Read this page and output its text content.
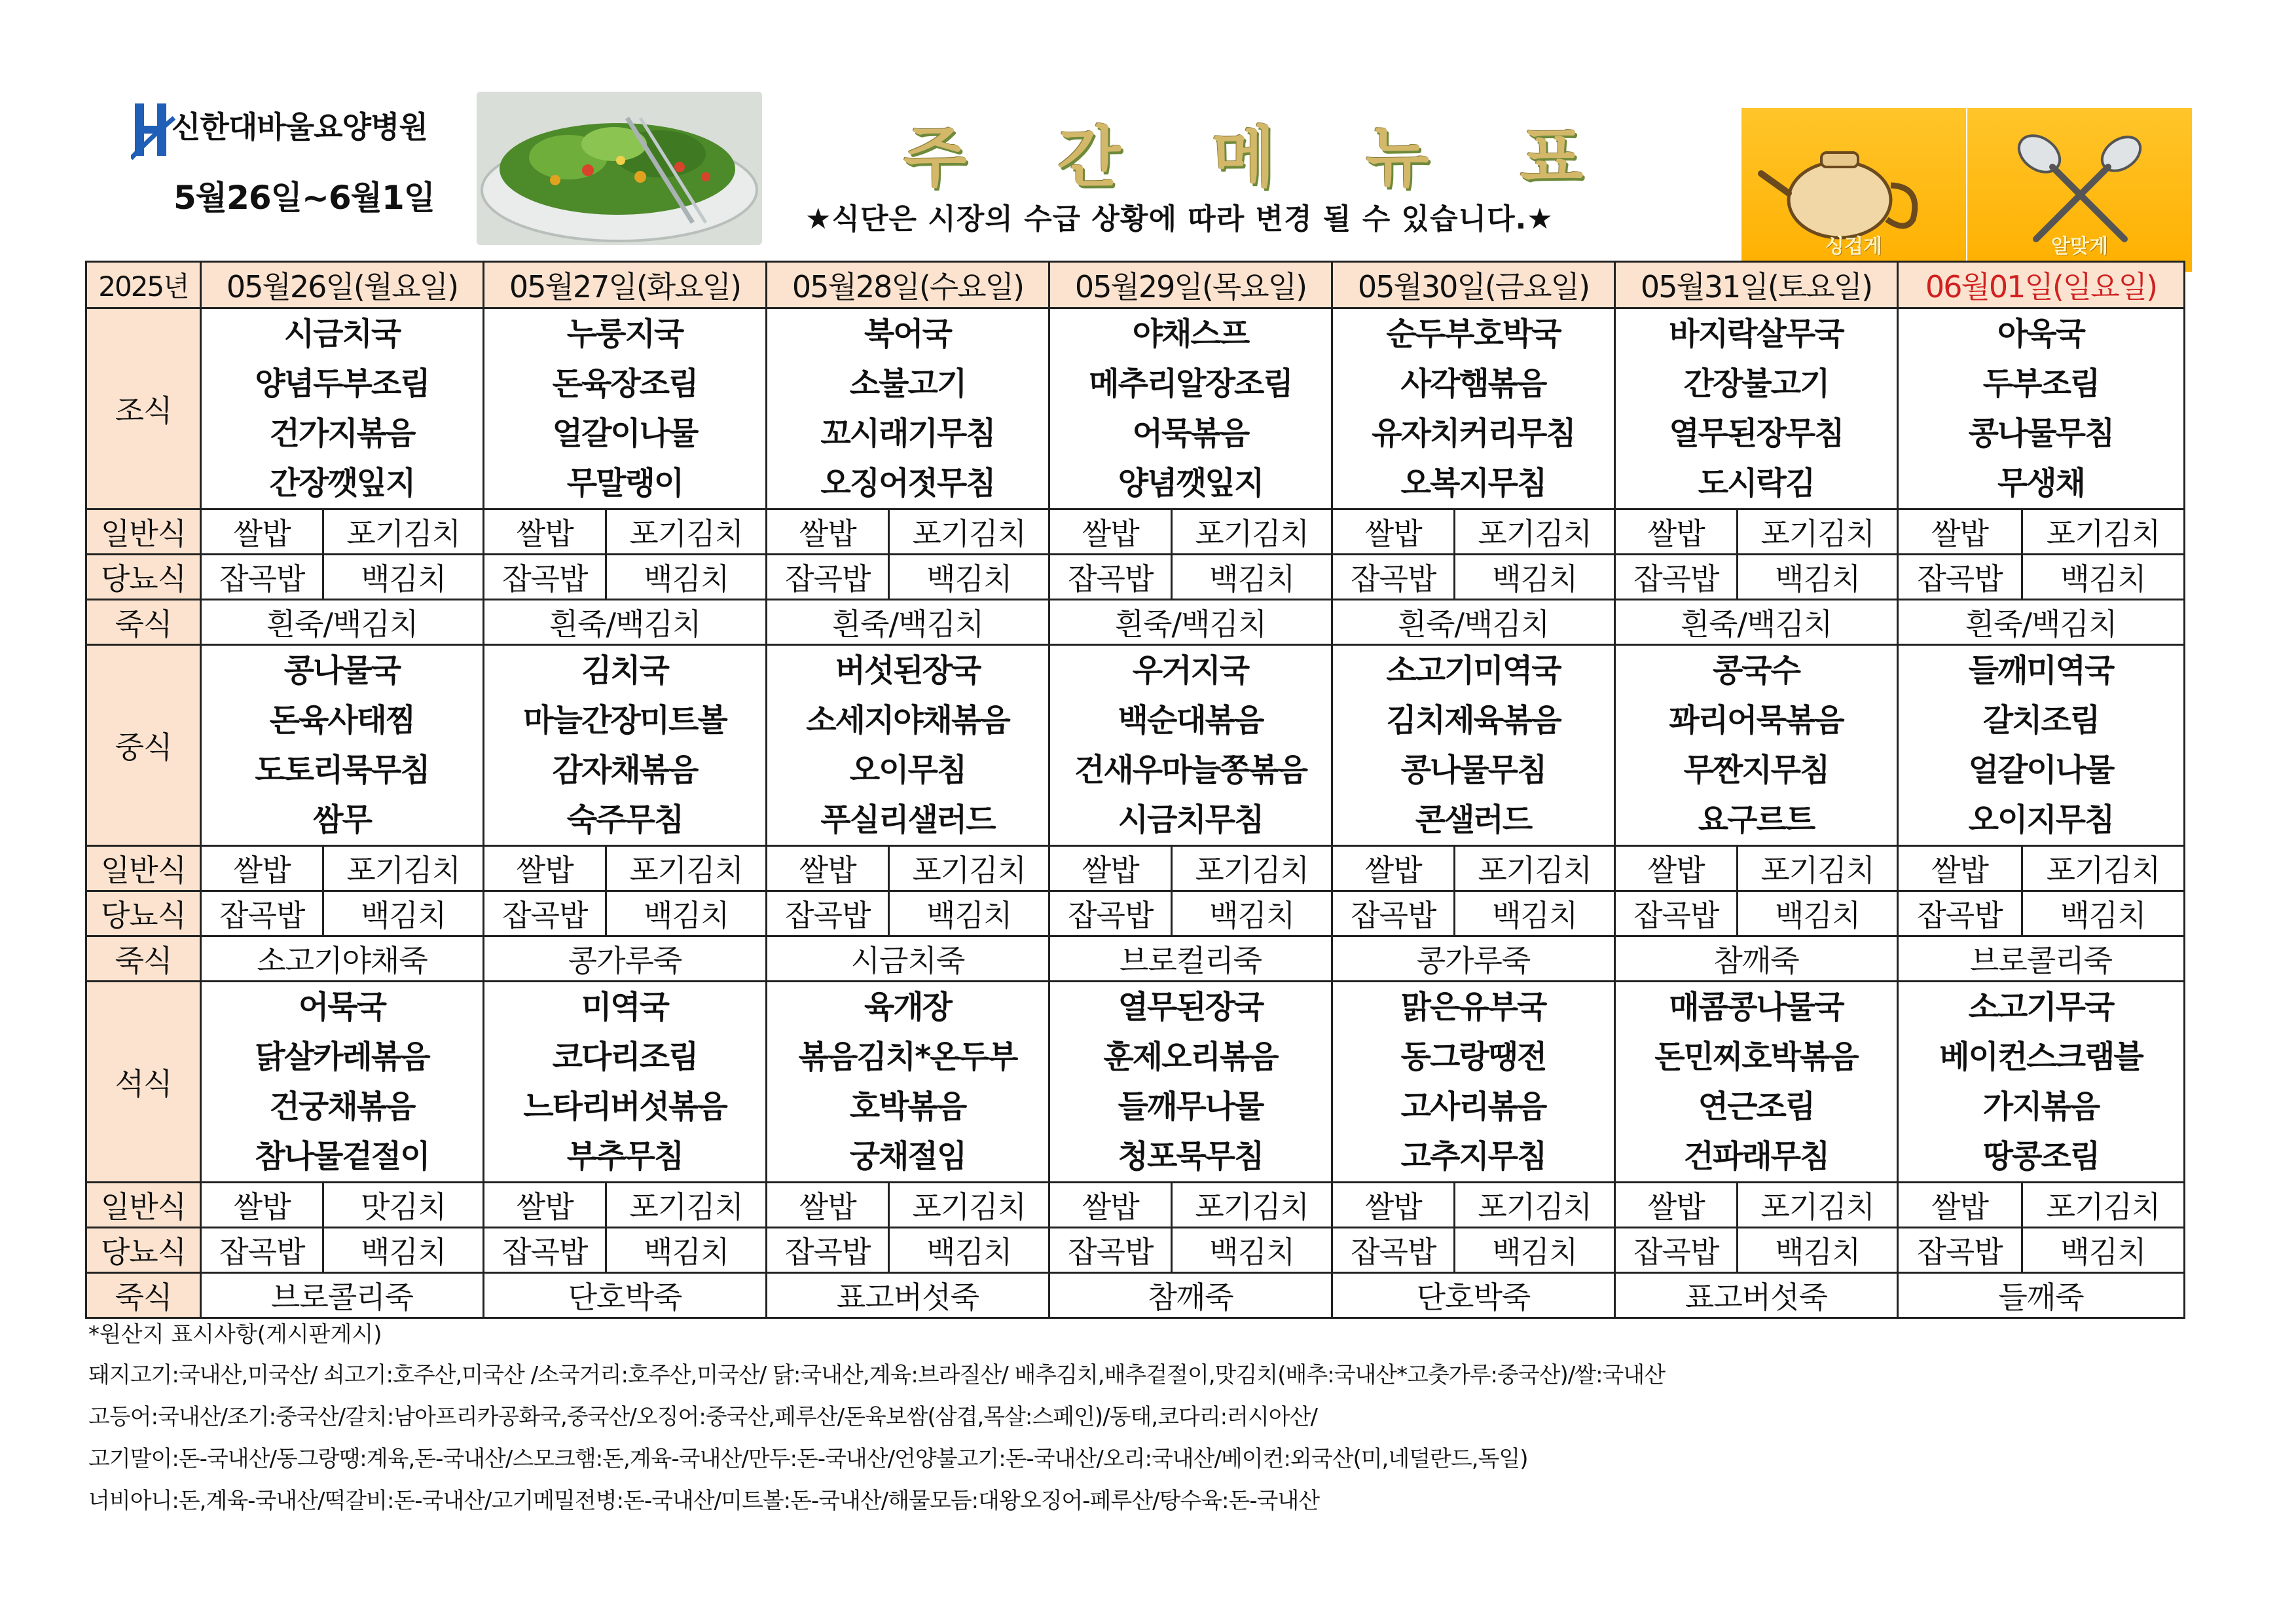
신한대바울요양병원
5월26일~6월1일
주 간 메 뉴 표
★식단은 시장의 수급 상황에 따라 변경 될 수 있습니다.★
싱겁게	알맞게
2025년	05월26일(월요일)	05월27일(화요일)	05월28일(수요일)	05월29일(목요일)	05월30일(금요일)	05월31일(토요일)	06월01일(일요일)
조식	시금치국
양념두부조림
건가지볶음
간장깻잎지	누룽지국
돈육장조림
얼갈이나물
무말랭이	북어국
소불고기
꼬시래기무침
오징어젓무침	야채스프
메추리알장조림
어묵볶음
양념깻잎지	순두부호박국
사각햄볶음
유자치커리무침
오복지무침	바지락살무국
간장불고기
열무된장무침
도시락김	아욱국
두부조림
콩나물무침
무생채

일반식	쌀밥 포기김치	쌀밥 포기김치	쌀밥 포기김치	쌀밥 포기김치	쌀밥 포기김치	쌀밥 포기김치	쌀밥 포기김치

당뇨식	잡곡밥 백김치	잡곡밥 백김치	잡곡밥 백김치	잡곡밥 백김치	잡곡밥 백김치	잡곡밥 백김치	잡곡밥 백김치

죽식	흰죽/백김치	흰죽/백김치	흰죽/백김치	흰죽/백김치	흰죽/백김치	흰죽/백김치	흰죽/백김치
중식	콩나물국
돈육사태찜
도토리묵무침
쌈무	김치국
마늘간장미트볼
감자채볶음
숙주무침	버섯된장국
소세지야채볶음
오이무침
푸실리샐러드	우거지국
백순대볶음
건새우마늘쫑볶음
시금치무침	소고기미역국
김치제육볶음
콩나물무침
콘샐러드	콩국수
꽈리어묵볶음
무짠지무침
요구르트	들깨미역국
갈치조림
얼갈이나물
오이지무침

일반식	쌀밥 포기김치	쌀밥 포기김치	쌀밥 포기김치	쌀밥 포기김치	쌀밥 포기김치	쌀밥 포기김치	쌀밥 포기김치

당뇨식	잡곡밥 백김치	잡곡밥 백김치	잡곡밥 백김치	잡곡밥 백김치	잡곡밥 백김치	잡곡밥 백김치	잡곡밥 백김치

죽식	소고기야채죽	콩가루죽	시금치죽	브로컬리죽	콩가루죽	참깨죽	브로콜리죽
석식	어묵국
닭살카레볶음
건궁채볶음
참나물겉절이	미역국
코다리조림
느타리버섯볶음
부추무침	육개장
볶음김치*온두부
호박볶음
궁채절임	열무된장국
훈제오리볶음
들깨무나물
청포묵무침	맑은유부국
동그랑땡전
고사리볶음
고추지무침	매콤콩나물국
돈민찌호박볶음
연근조림
건파래무침	소고기무국
베이컨스크램블
가지볶음
땅콩조림

일반식	쌀밥 맛김치	쌀밥 포기김치	쌀밥 포기김치	쌀밥 포기김치	쌀밥 포기김치	쌀밥 포기김치	쌀밥 포기김치

당뇨식	잡곡밥 백김치	잡곡밥 백김치	잡곡밥 백김치	잡곡밥 백김치	잡곡밥 백김치	잡곡밥 백김치	잡곡밥 백김치

죽식	브로콜리죽	단호박죽	표고버섯죽	참깨죽	단호박죽	표고버섯죽	들깨죽
*원산지 표시사항(게시판게시)
돼지고기:국내산,미국산/ 쇠고기:호주산,미국산 /소국거리:호주산,미국산/ 닭:국내산,계육:브라질산/ 배추김치,배추겉절이,맛김치(배추:국내산*고춧가루:중국산)/쌀:국내산
고등어:국내산/조기:중국산/갈치:남아프리카공화국,중국산/오징어:중국산,페루산/돈육보쌈(삼겹,목살:스페인)/동태,코다리:러시아산/
고기말이:돈-국내산/동그랑땡:계육,돈-국내산/스모크햄:돈,계육-국내산/만두:돈-국내산/언양불고기:돈-국내산/오리:국내산/베이컨:외국산(미,네덜란드,독일)
너비아니:돈,계육-국내산/떡갈비:돈-국내산/고기메밀전병:돈-국내산/미트볼:돈-국내산/해물모듬:대왕오징어-페루산/탕수육:돈-국내산
